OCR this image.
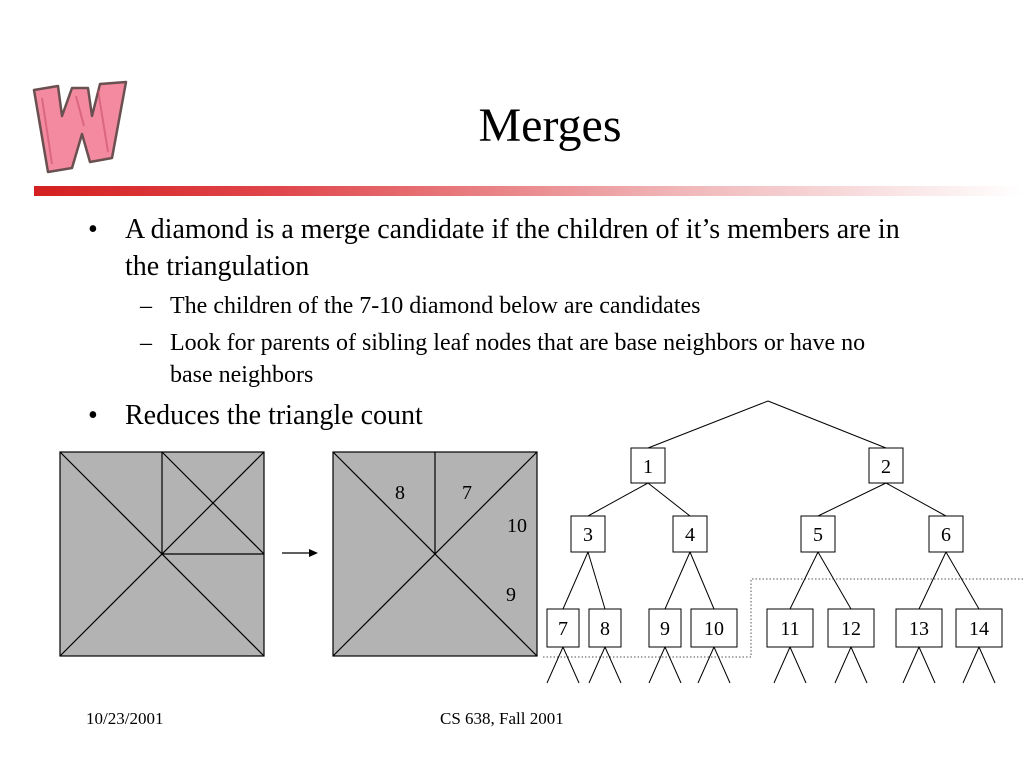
Merges
• A diamond is a merge candidate if the children of it’s members are in the triangulation
– The children of the 7-10 diamond below are candidates
– Look for parents of sibling leaf nodes that are base neighbors or have no base neighbors
• Reduces the triangle count
8	7
10
9
1	2
3	4	5	6
7 8	9 10	11 12 13 14
10/23/2001	CS 638, Fall 2001
